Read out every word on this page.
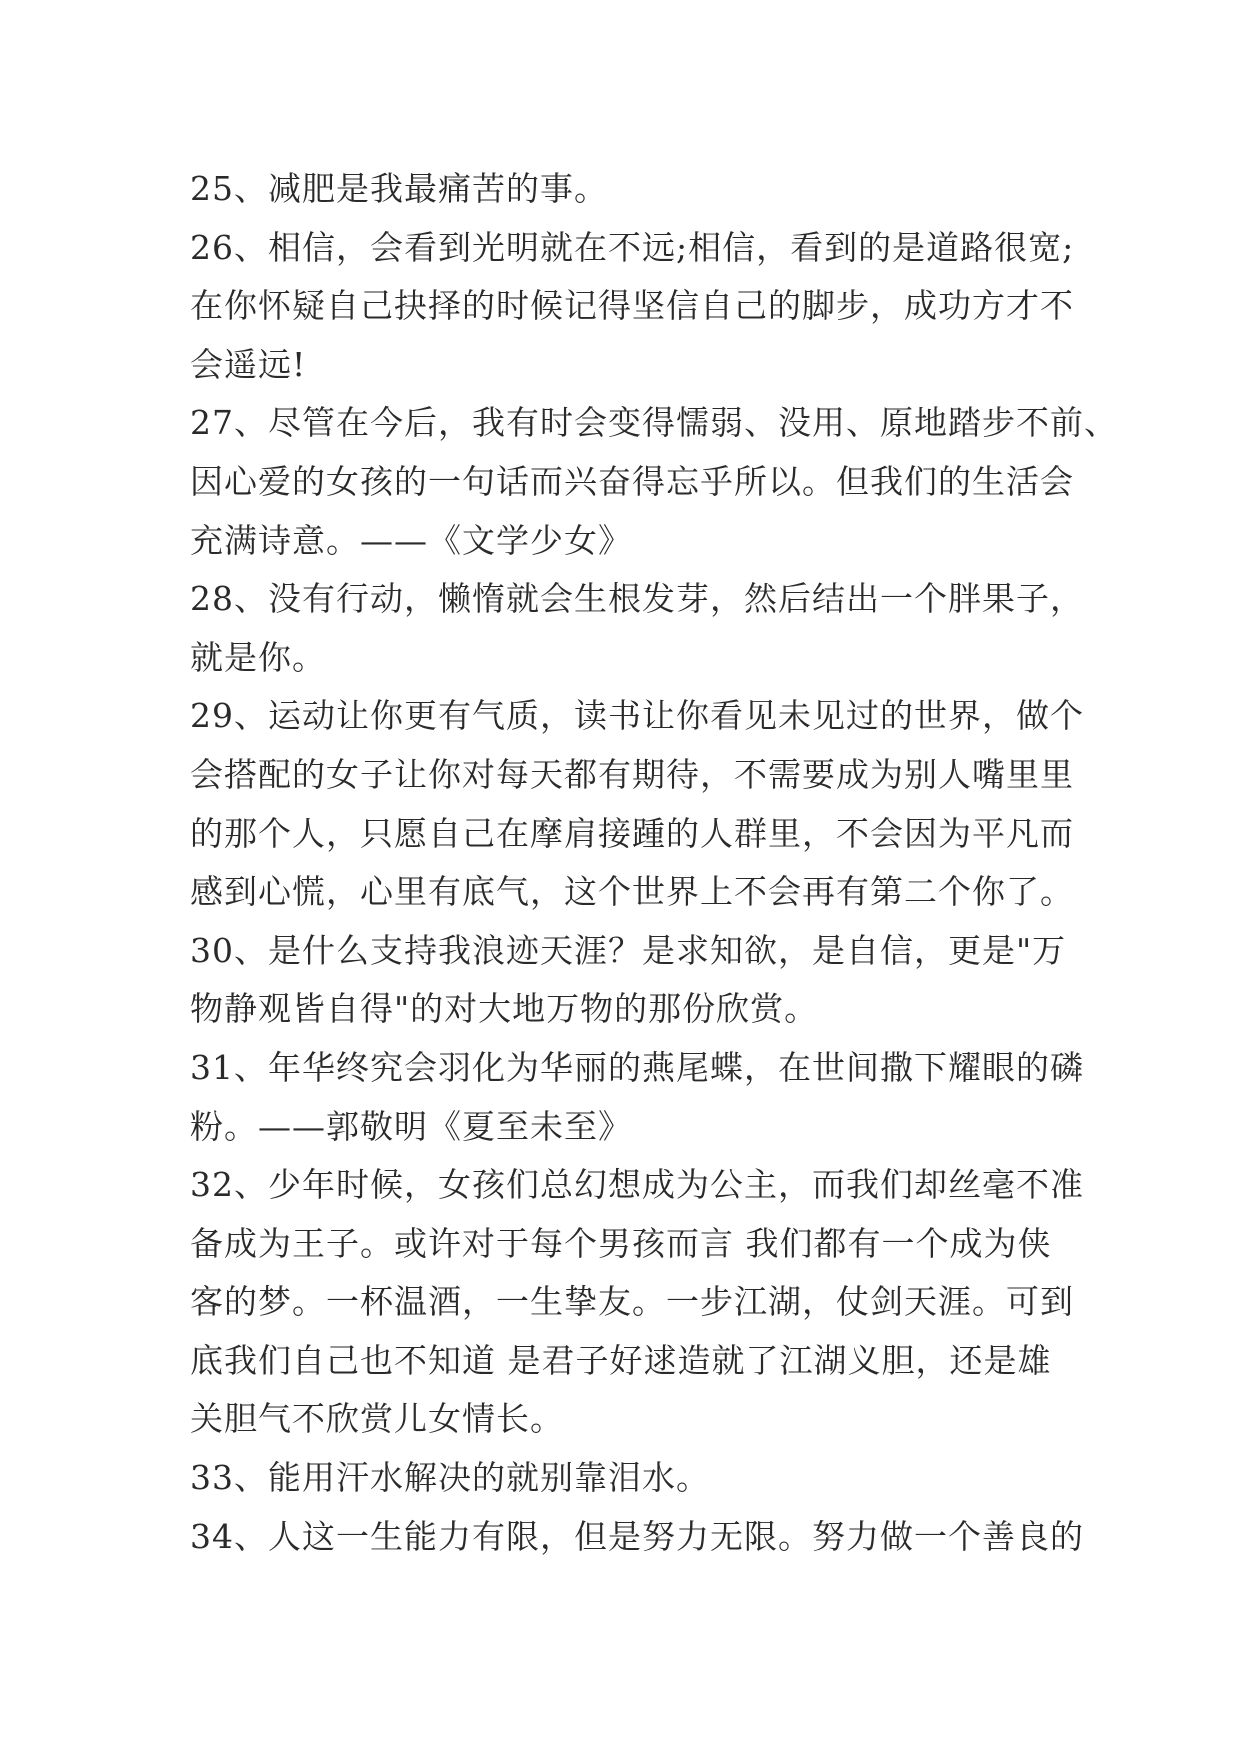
25、减肥是我最痛苦的事。
26、相信，会看到光明就在不远;相信，看到的是道路很宽;
在你怀疑自己抉择的时候记得坚信自己的脚步，成功方才不
会遥远!
27、尽管在今后，我有时会变得懦弱、没用、原地踏步不前、
因心爱的女孩的一句话而兴奋得忘乎所以。但我们的生活会
充满诗意。——《文学少女》
28、没有行动，懒惰就会生根发芽，然后结出一个胖果子，
就是你。
29、运动让你更有气质，读书让你看见未见过的世界，做个
会搭配的女子让你对每天都有期待，不需要成为别人嘴里里
的那个人，只愿自己在摩肩接踵的人群里，不会因为平凡而
感到心慌，心里有底气，这个世界上不会再有第二个你了。
30、是什么支持我浪迹天涯？是求知欲，是自信，更是"万
物静观皆自得"的对大地万物的那份欣赏。
31、年华终究会羽化为华丽的燕尾蝶，在世间撒下耀眼的磷
粉。——郭敬明《夏至未至》
32、少年时候，女孩们总幻想成为公主，而我们却丝毫不准
备成为王子。或许对于每个男孩而言 我们都有一个成为侠
客的梦。一杯温酒，一生挚友。一步江湖，仗剑天涯。可到
底我们自己也不知道 是君子好逑造就了江湖义胆，还是雄
关胆气不欣赏儿女情长。
33、能用汗水解决的就别靠泪水。
34、人这一生能力有限，但是努力无限。努力做一个善良的
